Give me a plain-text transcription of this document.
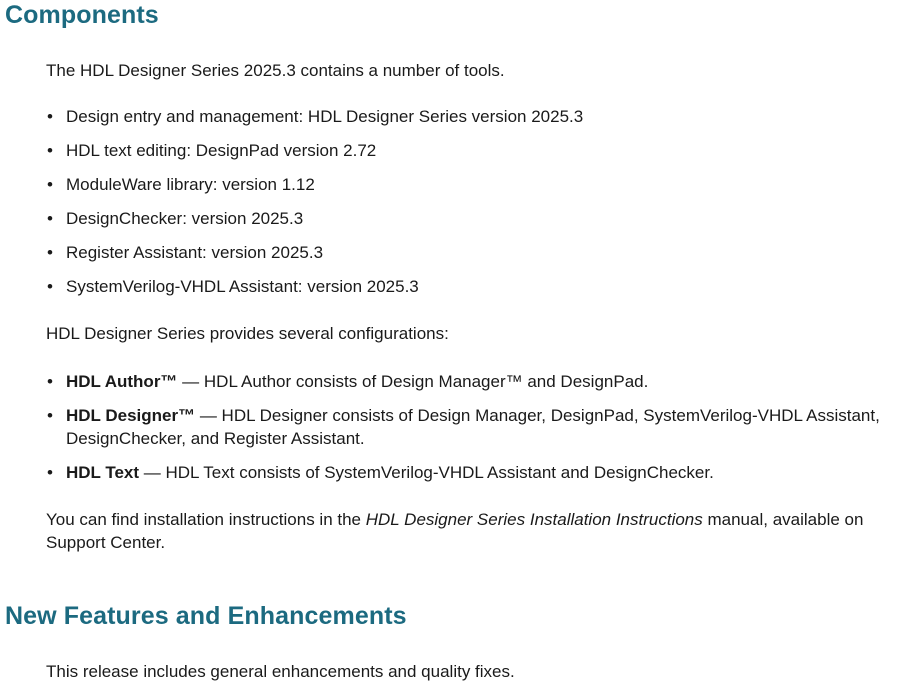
Components

The HDL Designer Series 2025.3 contains a number of tools.

• Design entry and management: HDL Designer Series version 2025.3
• HDL text editing: DesignPad version 2.72
• ModuleWare library: version 1.12
• DesignChecker: version 2025.3
• Register Assistant: version 2025.3
• SystemVerilog-VHDL Assistant: version 2025.3

HDL Designer Series provides several configurations:

• HDL Author™ — HDL Author consists of Design Manager™ and DesignPad.
• HDL Designer™ — HDL Designer consists of Design Manager, DesignPad, SystemVerilog-VHDL Assistant, DesignChecker, and Register Assistant.
• HDL Text — HDL Text consists of SystemVerilog-VHDL Assistant and DesignChecker.

You can find installation instructions in the HDL Designer Series Installation Instructions manual, available on Support Center.

New Features and Enhancements

This release includes general enhancements and quality fixes.
